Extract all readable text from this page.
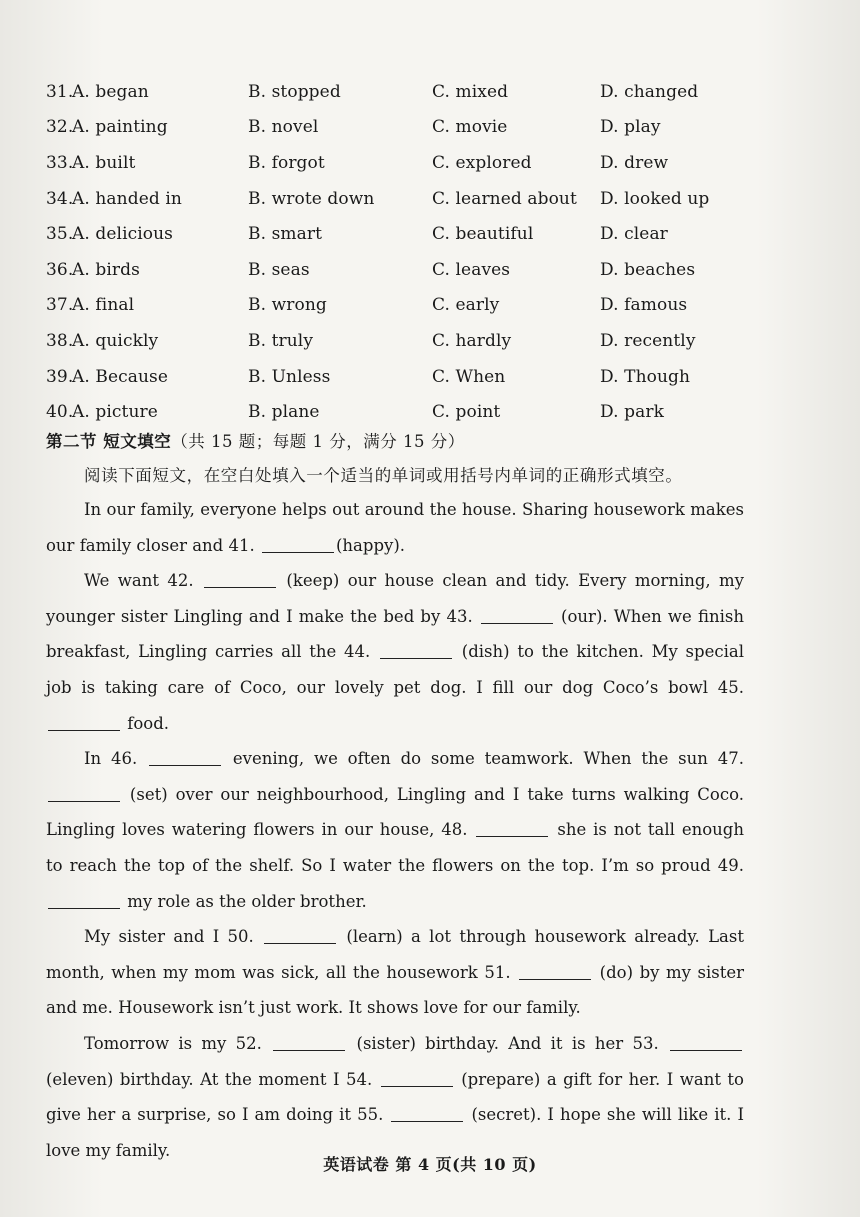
31.
A. began	B. stopped	C. mixed	D. changed
32.
A. painting	B. novel	C. movie	D. play
33.
A. built	B. forgot	C. explored	D. drew
34.
A. handed in	B. wrote down	C. learned about	D. looked up
35.
A. delicious	B. smart	C. beautiful	D. clear
36.
A. birds	B. seas	C. leaves	D. beaches
37.
A. final	B. wrong	C. early	D. famous
38.
A. quickly	B. truly	C. hardly	D. recently
39.
A. Because	B. Unless	C. When	D. Though
40.
A. picture	B. plane	C. point	D. park
第二节 短文填空（共 15 题；每题 1 分，满分 15 分）
阅读下面短文，在空白处填入一个适当的单词或用括号内单词的正确形式填空。

In our family, everyone helps out around the house. Sharing housework makes our family closer and 41.	(happy).

We want 42.	(keep) our house clean and tidy. Every morning, my younger sister Lingling and I make the bed by 43.	(our). When we finish breakfast, Lingling carries all the 44.	(dish) to the kitchen. My special job is taking care of Coco, our lovely pet dog. I fill our dog Coco’s bowl 45.  food.

In 46.	evening, we often do some teamwork. When the sun 47.  (set) over our neighbourhood, Lingling and I take turns walking Coco. Lingling loves watering flowers in our house, 48.	she is not tall enough to reach the top of the shelf. So I water the flowers on the top. I’m so proud 49.  my role as the older brother.

My sister and I 50.	(learn) a lot through housework already. Last month, when my mom was sick, all the housework 51.	(do) by my sister and me. Housework isn’t just work. It shows love for our family.

Tomorrow is my 52.	(sister) birthday. And it is her 53.  (eleven) birthday. At the moment I 54.	(prepare) a gift for her. I want to give her a surprise, so I am doing it 55.	(secret). I hope she will like it. I love my family.

英语试卷 第 4 页(共 10 页)
